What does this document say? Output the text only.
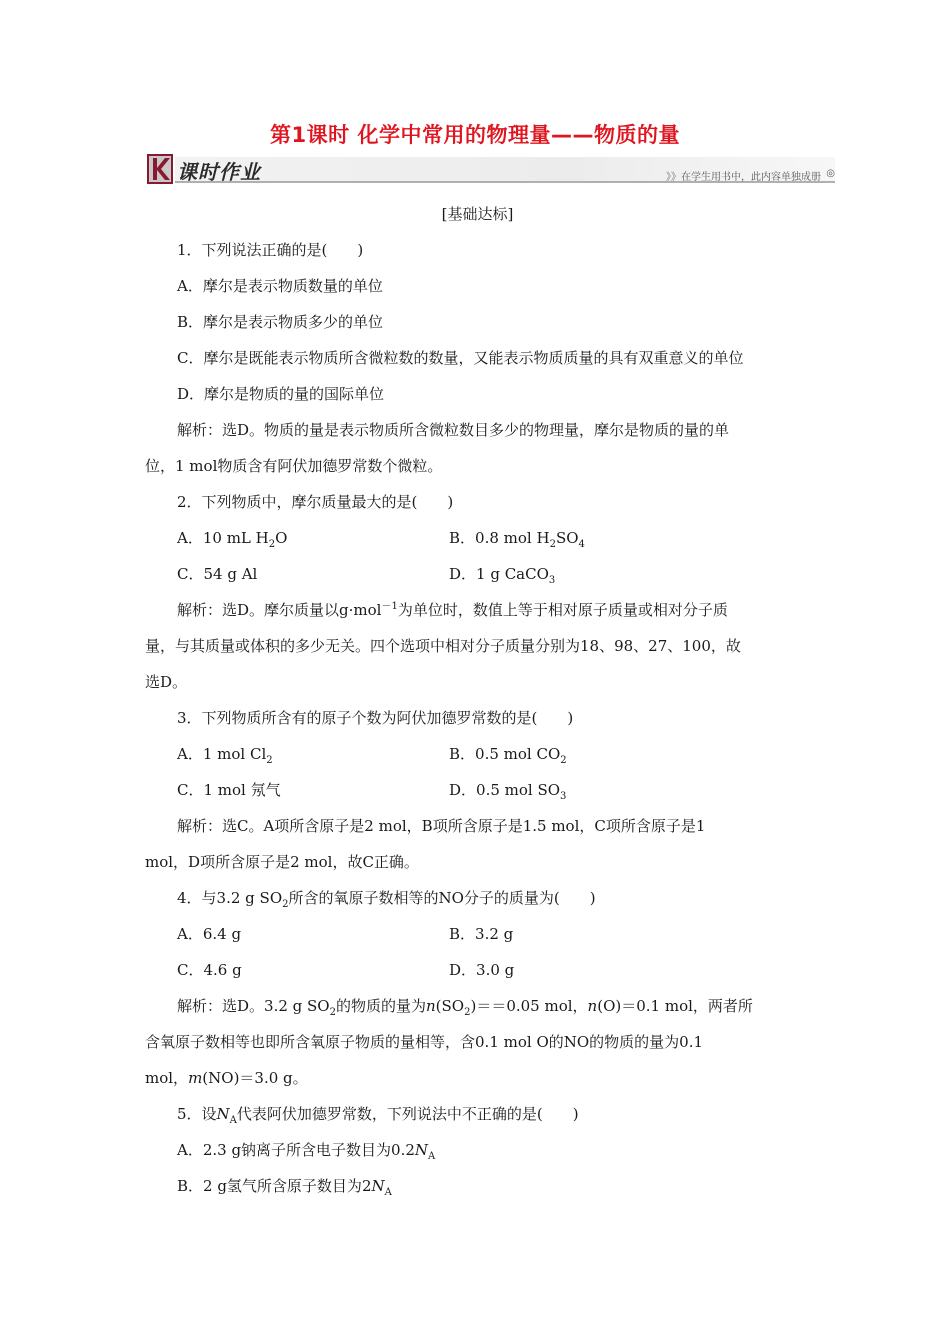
第1课时 化学中常用的物理量——物质的量
课时作业	》》在学生用书中，此内容单独成册 ◎
[基础达标]
1．下列说法正确的是(　　)
A．摩尔是表示物质数量的单位
B．摩尔是表示物质多少的单位
C．摩尔是既能表示物质所含微粒数的数量，又能表示物质质量的具有双重意义的单位
D．摩尔是物质的量的国际单位
解析：选D。物质的量是表示物质所含微粒数目多少的物理量，摩尔是物质的量的单
位，1 mol物质含有阿伏加德罗常数个微粒。
2．下列物质中，摩尔质量最大的是(　　)
A．10 mL $H_2O$	B．0.8 mol $H_2SO_4$
C．54 g Al	D．1 g CaCO$_3$
解析：选D。摩尔质量以g·mol$^{-1}$为单位时，数值上等于相对原子质量或相对分子质
量，与其质量或体积的多少无关。四个选项中相对分子质量分别为18、98、27、100，故
选D。
3．下列物质所含有的原子个数为阿伏加德罗常数的是(　　)
A．1 mol $Cl_2$	B．0.5 mol $CO_2$
C．1 mol 氖气	D．0.5 mol $SO_3$
解析：选C。A项所含原子是2 mol，B项所含原子是1.5 mol，C项所含原子是1
mol，D项所含原子是2 mol，故C正确。
4．与3.2 g $SO_2$所含的氧原子数相等的NO分子的质量为(　　)
A．6.4 g	B．3.2 g
C．4.6 g	D．3.0 g
解析：选D。3.2 g $SO_2$的物质的量为$n(SO_2)==0.05$ mol，n(O)＝0.1 mol，两者所
含氧原子数相等也即所含氧原子物质的量相等，含0.1 mol O的NO的物质的量为0.1
mol，m(NO)＝3.0 g。
5．设$N_A$代表阿伏加德罗常数，下列说法中不正确的是(　　)
A．2.3 g钠离子所含电子数目为$0.2N_A$
B．2 g氢气所含原子数目为$2N_A$
